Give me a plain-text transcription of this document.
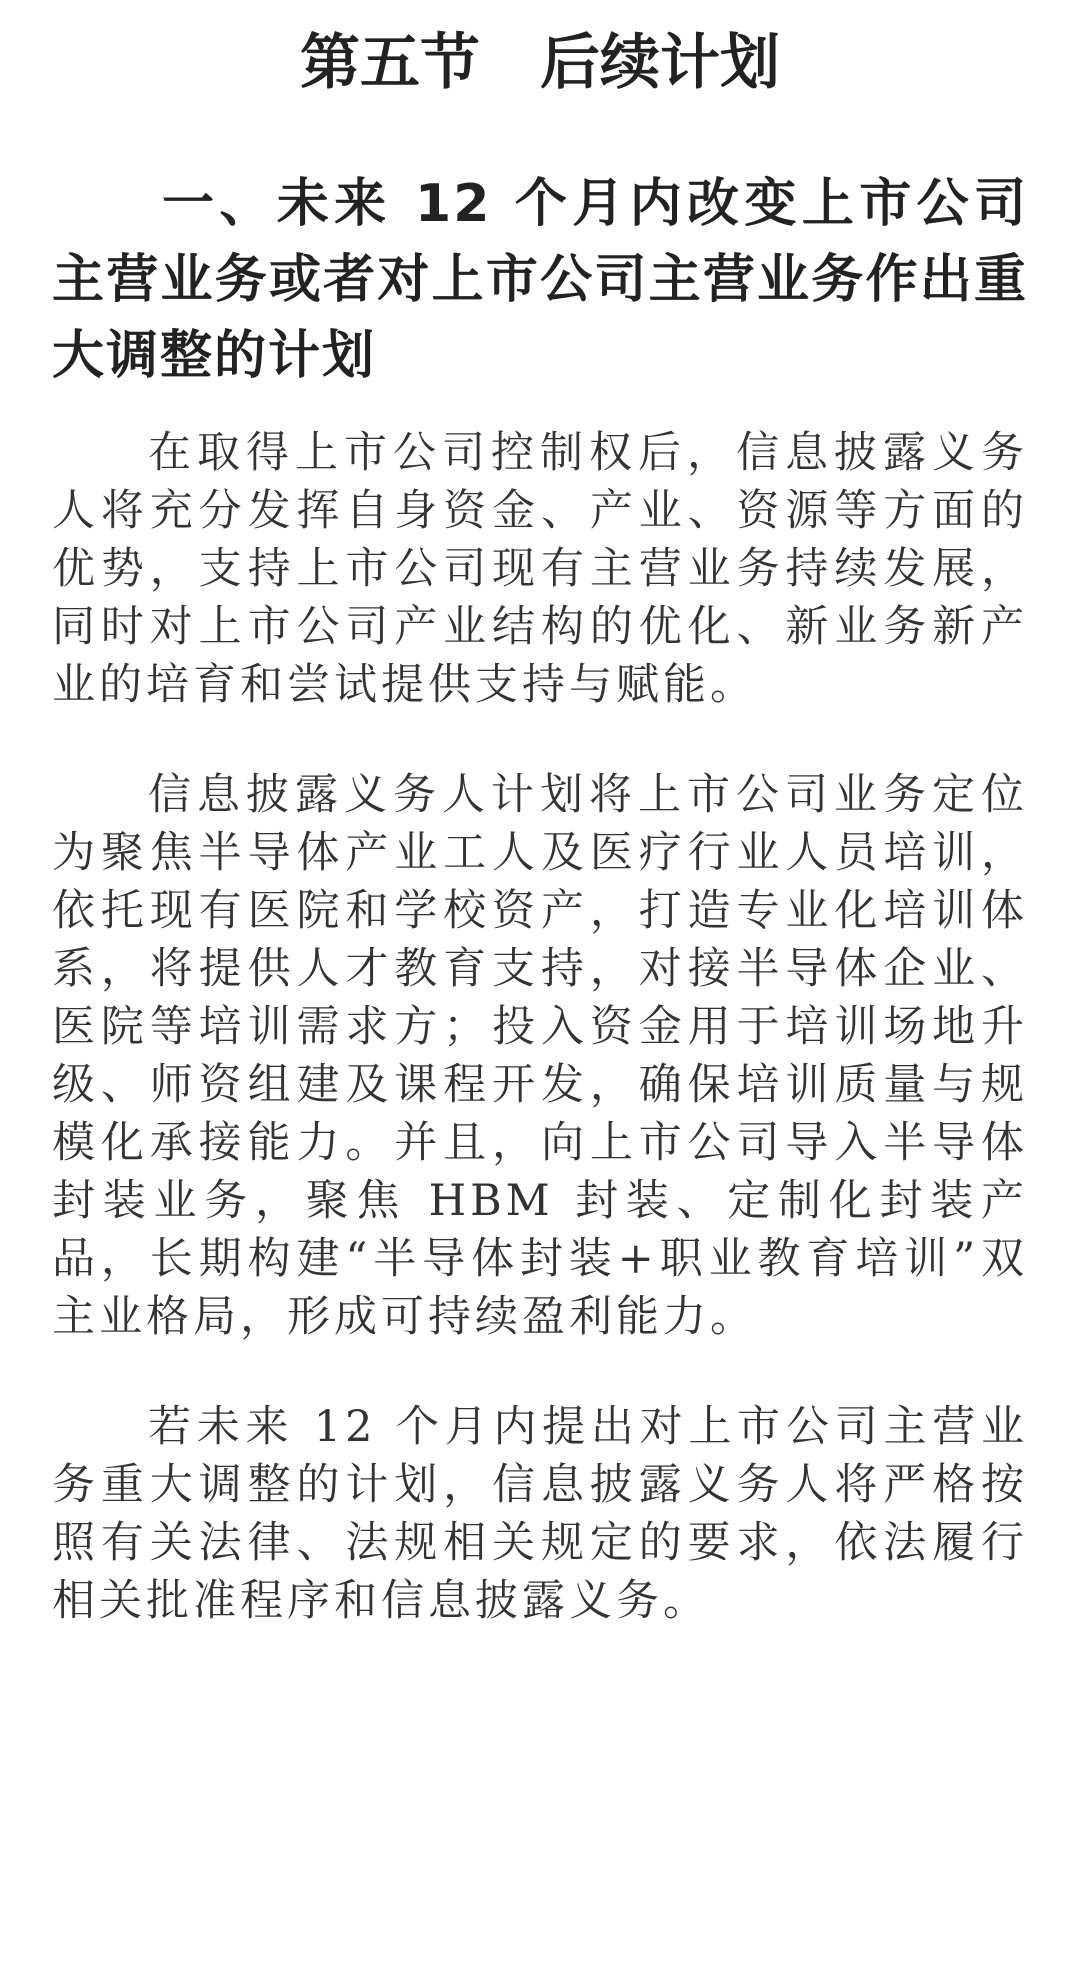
第五节　后续计划
一、未来 12 个月内改变上市公司主营业务或者对上市公司主营业务作出重大调整的计划

在取得上市公司控制权后，信息披露义务人将充分发挥自身资金、产业、资源等方面的优势，支持上市公司现有主营业务持续发展，同时对上市公司产业结构的优化、新业务新产业的培育和尝试提供支持与赋能。

信息披露义务人计划将上市公司业务定位为聚焦半导体产业工人及医疗行业人员培训，依托现有医院和学校资产，打造专业化培训体系，将提供人才教育支持，对接半导体企业、医院等培训需求方；投入资金用于培训场地升级、师资组建及课程开发，确保培训质量与规模化承接能力。并且，向上市公司导入半导体封装业务，聚焦 HBM 封装、定制化封装产品，长期构建“半导体封装+职业教育培训”双主业格局，形成可持续盈利能力。

若未来 12 个月内提出对上市公司主营业务重大调整的计划，信息披露义务人将严格按照有关法律、法规相关规定的要求，依法履行相关批准程序和信息披露义务。
